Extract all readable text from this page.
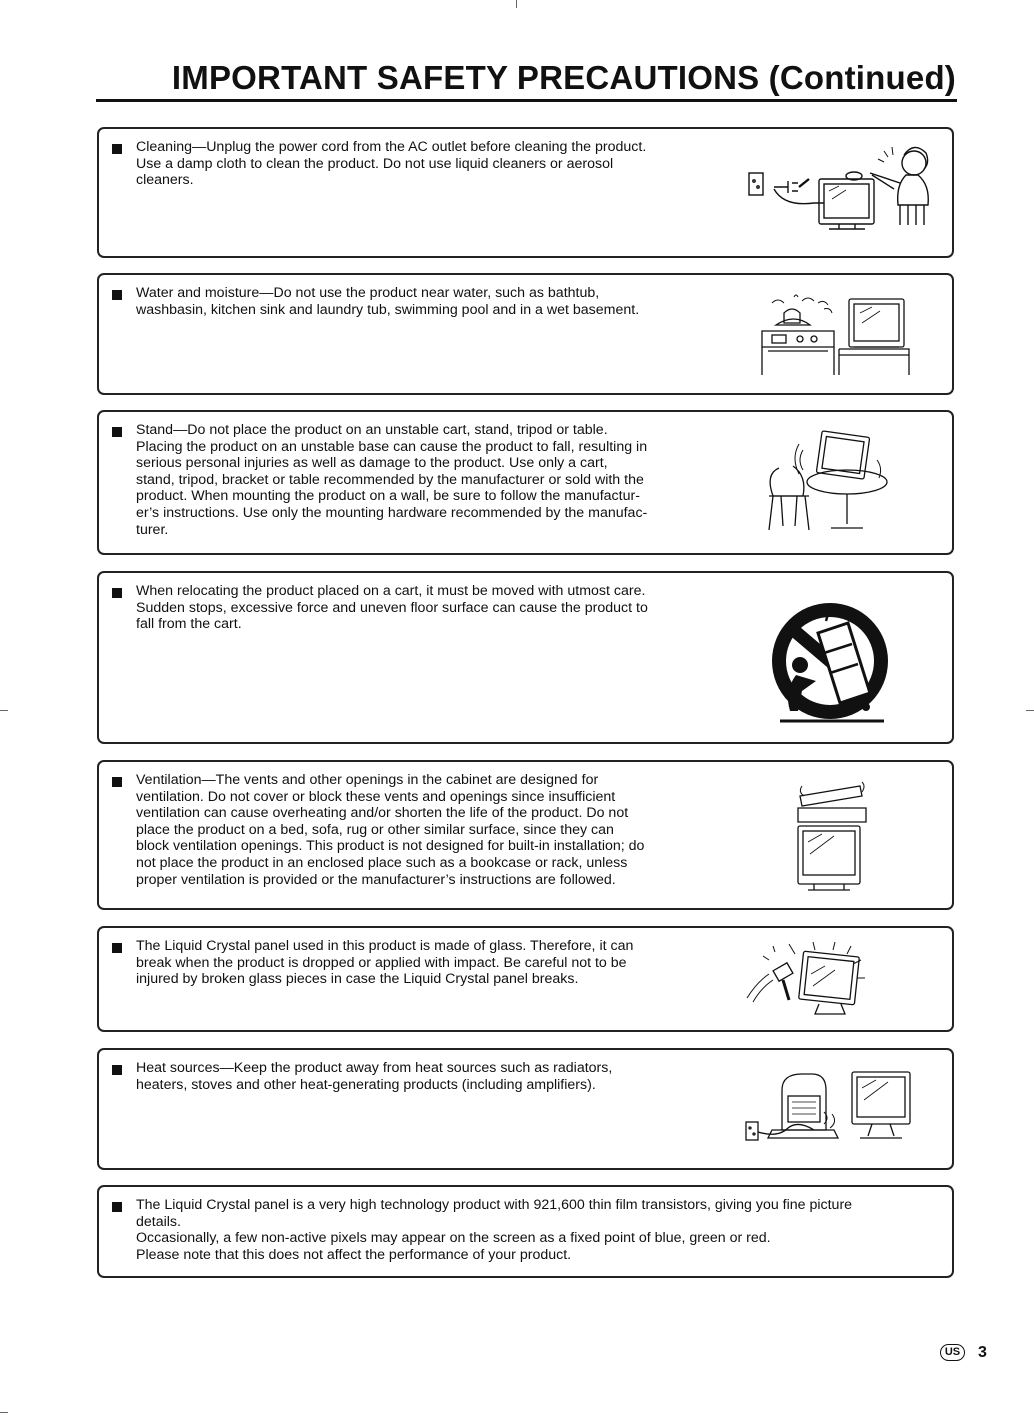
IMPORTANT SAFETY PRECAUTIONS (Continued)

Cleaning—Unplug the power cord from the AC outlet before cleaning the product.
Use a damp cloth to clean the product. Do not use liquid cleaners or aerosol
cleaners.

Water and moisture—Do not use the product near water, such as bathtub,
washbasin, kitchen sink and laundry tub, swimming pool and in a wet basement.

Stand—Do not place the product on an unstable cart, stand, tripod or table.
Placing the product on an unstable base can cause the product to fall, resulting in
serious personal injuries as well as damage to the product. Use only a cart,
stand, tripod, bracket or table recommended by the manufacturer or sold with the
product. When mounting the product on a wall, be sure to follow the manufactur-
er’s instructions. Use only the mounting hardware recommended by the manufac-
turer.

When relocating the product placed on a cart, it must be moved with utmost care.
Sudden stops, excessive force and uneven floor surface can cause the product to
fall from the cart.

Ventilation—The vents and other openings in the cabinet are designed for
ventilation. Do not cover or block these vents and openings since insufficient
ventilation can cause overheating and/or shorten the life of the product. Do not
place the product on a bed, sofa, rug or other similar surface, since they can
block ventilation openings. This product is not designed for built-in installation; do
not place the product in an enclosed place such as a bookcase or rack, unless
proper ventilation is provided or the manufacturer’s instructions are followed.

The Liquid Crystal panel used in this product is made of glass. Therefore, it can
break when the product is dropped or applied with impact. Be careful not to be
injured by broken glass pieces in case the Liquid Crystal panel breaks.

Heat sources—Keep the product away from heat sources such as radiators,
heaters, stoves and other heat-generating products (including amplifiers).

The Liquid Crystal panel is a very high technology product with 921,600 thin film transistors, giving you fine picture
details.
Occasionally, a few non-active pixels may appear on the screen as a fixed point of blue, green or red.
Please note that this does not affect the performance of your product.

US	3
